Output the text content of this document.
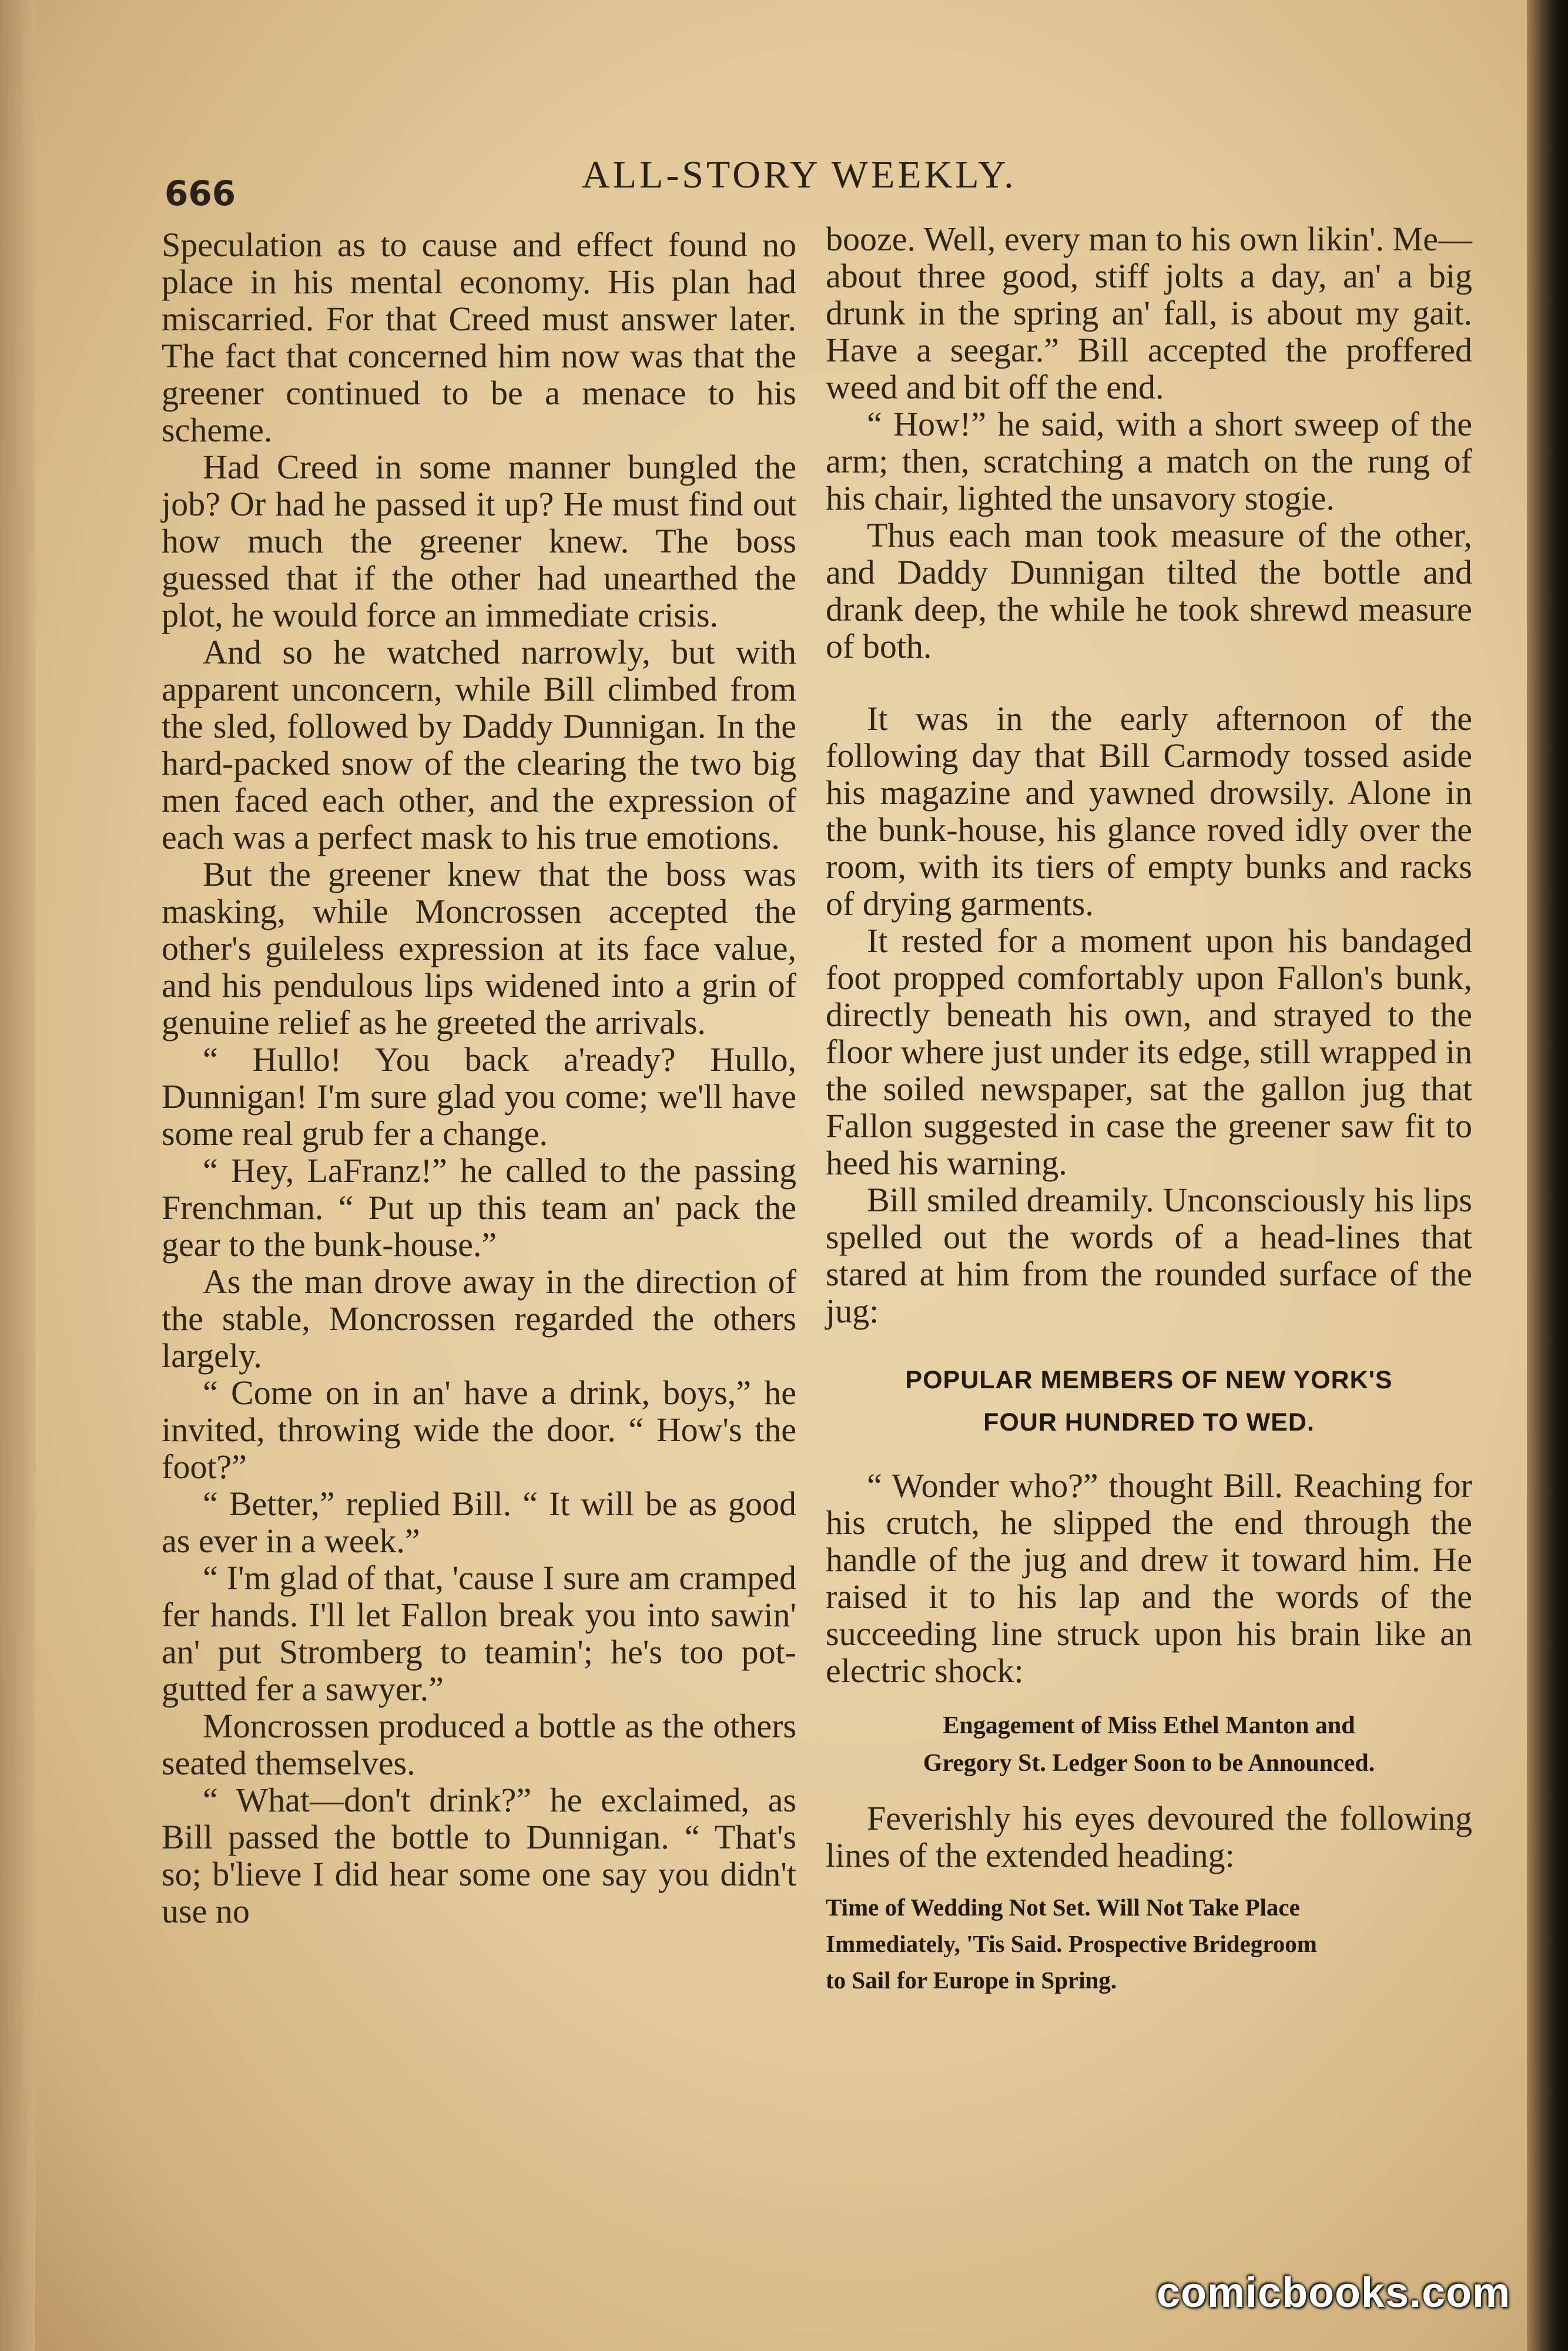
666	ALL-STORY WEEKLY.

Speculation as to cause and effect found no place in his mental economy. His plan had miscarried. For that Creed must answer later. The fact that concerned him now was that the greener continued to be a menace to his scheme.

Had Creed in some manner bungled the job? Or had he passed it up? He must find out how much the greener knew. The boss guessed that if the other had unearthed the plot, he would force an immediate crisis.

And so he watched narrowly, but with apparent unconcern, while Bill climbed from the sled, followed by Daddy Dunnigan. In the hard-packed snow of the clearing the two big men faced each other, and the expression of each was a perfect mask to his true emotions.

But the greener knew that the boss was masking, while Moncrossen accepted the other's guileless expression at its face value, and his pendulous lips widened into a grin of genuine relief as he greeted the arrivals.

“ Hullo! You back a'ready? Hullo, Dunnigan! I'm sure glad you come; we'll have some real grub fer a change.

“ Hey, LaFranz!” he called to the passing Frenchman. “ Put up this team an' pack the gear to the bunk-house.”

As the man drove away in the direction of the stable, Moncrossen regarded the others largely.

“ Come on in an' have a drink, boys,” he invited, throwing wide the door. “ How's the foot?”

“ Better,” replied Bill. “ It will be as good as ever in a week.”

“ I'm glad of that, 'cause I sure am cramped fer hands. I'll let Fallon break you into sawin' an' put Stromberg to teamin'; he's too pot-gutted fer a sawyer.”

Moncrossen produced a bottle as the others seated themselves.

“ What—don't drink?” he exclaimed, as Bill passed the bottle to Dunnigan. “ That's so; b'lieve I did hear some one say you didn't use no

booze. Well, every man to his own likin'. Me—about three good, stiff jolts a day, an' a big drunk in the spring an' fall, is about my gait. Have a seegar.” Bill accepted the proffered weed and bit off the end.

“ How!” he said, with a short sweep of the arm; then, scratching a match on the rung of his chair, lighted the unsavory stogie.

Thus each man took measure of the other, and Daddy Dunnigan tilted the bottle and drank deep, the while he took shrewd measure of both.

It was in the early afternoon of the following day that Bill Carmody tossed aside his magazine and yawned drowsily. Alone in the bunk-house, his glance roved idly over the room, with its tiers of empty bunks and racks of drying garments.

It rested for a moment upon his bandaged foot propped comfortably upon Fallon's bunk, directly beneath his own, and strayed to the floor where just under its edge, still wrapped in the soiled newspaper, sat the gallon jug that Fallon suggested in case the greener saw fit to heed his warning.

Bill smiled dreamily. Unconsciously his lips spelled out the words of a head-lines that stared at him from the rounded surface of the jug:

POPULAR MEMBERS OF NEW YORK'S
FOUR HUNDRED TO WED.

“ Wonder who?” thought Bill. Reaching for his crutch, he slipped the end through the handle of the jug and drew it toward him. He raised it to his lap and the words of the succeeding line struck upon his brain like an electric shock:

Engagement of Miss Ethel Manton and
Gregory St. Ledger Soon to be Announced.

Feverishly his eyes devoured the following lines of the extended heading:

Time of Wedding Not Set. Will Not Take Place
Immediately, 'Tis Said. Prospective Bridegroom
to Sail for Europe in Spring.
comicbooks.com
